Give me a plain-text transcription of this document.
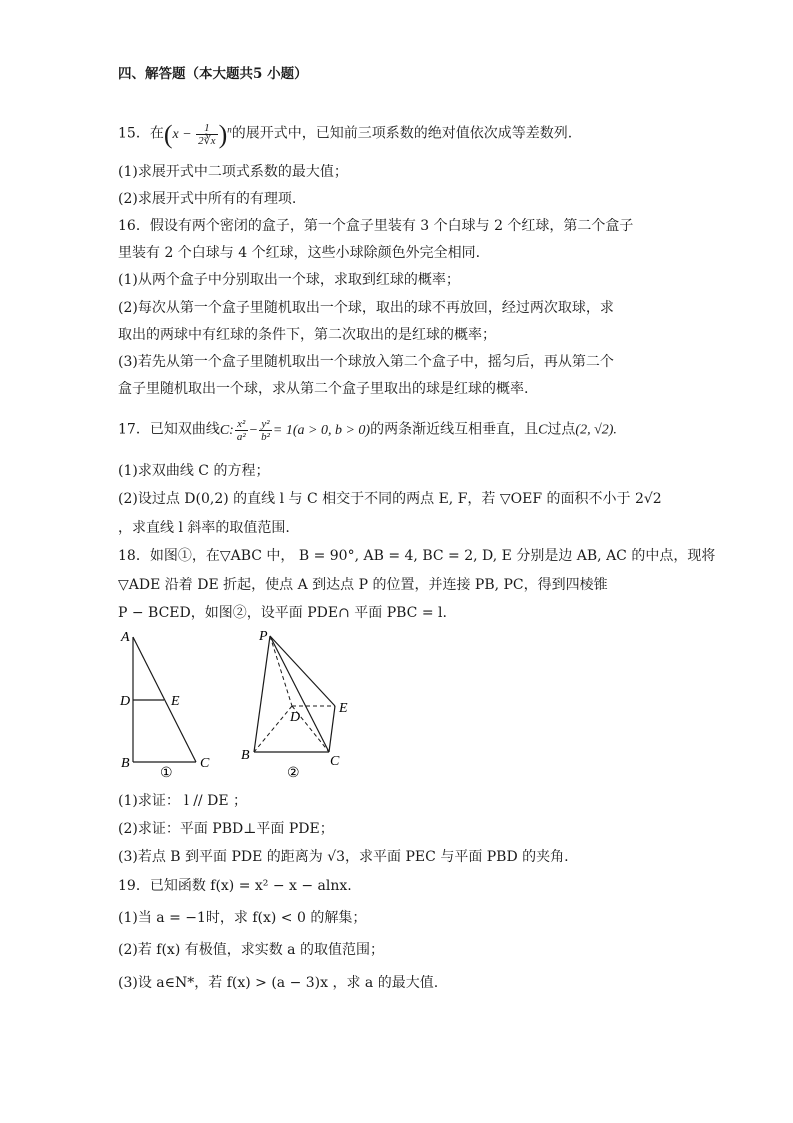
四、解答题（本大题共5 小题）
15．在$(x - \frac{1}{2∛x} )^n$的展开式中，已知前三项系数的绝对值依次成等差数列.
(1)求展开式中二项式系数的最大值；
(2)求展开式中所有的有理项.
16．假设有两个密闭的盒子，第一个盒子里装有 3 个白球与 2 个红球，第二个盒子
里装有 2 个白球与 4 个红球，这些小球除颜色外完全相同.
(1)从两个盒子中分别取出一个球，求取到红球的概率；
(2)每次从第一个盒子里随机取出一个球，取出的球不再放回，经过两次取球，求
取出的两球中有红球的条件下，第二次取出的是红球的概率；
(3)若先从第一个盒子里随机取出一个球放入第二个盒子中，摇匀后，再从第二个
盒子里随机取出一个球，求从第二个盒子里取出的球是红球的概率.
17．已知双曲线C: $\frac{\text{x²}}{\text{a²}} - \frac{\text{y²}}{\text{b²}} = 1(a > 0$, b > 0)的两条渐近线互相垂直，且C过点(2, √2).
(1)求双曲线 C 的方程；
(2)设过点 D(0,2) 的直线 l 与 C 相交于不同的两点 E, F，若 ▽OEF 的面积不小于 2√2
，求直线 l 斜率的取值范围.
18．如图①，在▽ABC 中， B = 90°, AB = 4, BC = 2, D, E 分别是边 AB, AC 的中点，现将
▽ADE 沿着 DE 折起，使点 A 到达点 P 的位置，并连接 PB, PC，得到四棱锥
P − BCED，如图②，设平面 PDE∩ 平面 PBC = l.
A
D	E
B	C
①
P
D
E
B	C
②
(1)求证： l // DE ；
(2)求证：平面 PBD⊥平面 PDE；
(3)若点 B 到平面 PDE 的距离为 √3，求平面 PEC 与平面 PBD 的夹角.
19．已知函数 f(x) = x² − x − alnx.
(1)当 a = −1时，求 f(x) < 0 的解集；
(2)若 f(x) 有极值，求实数 a 的取值范围；
(3)设 a∈N*，若 f(x) > (a − 3)x ，求 a 的最大值.
